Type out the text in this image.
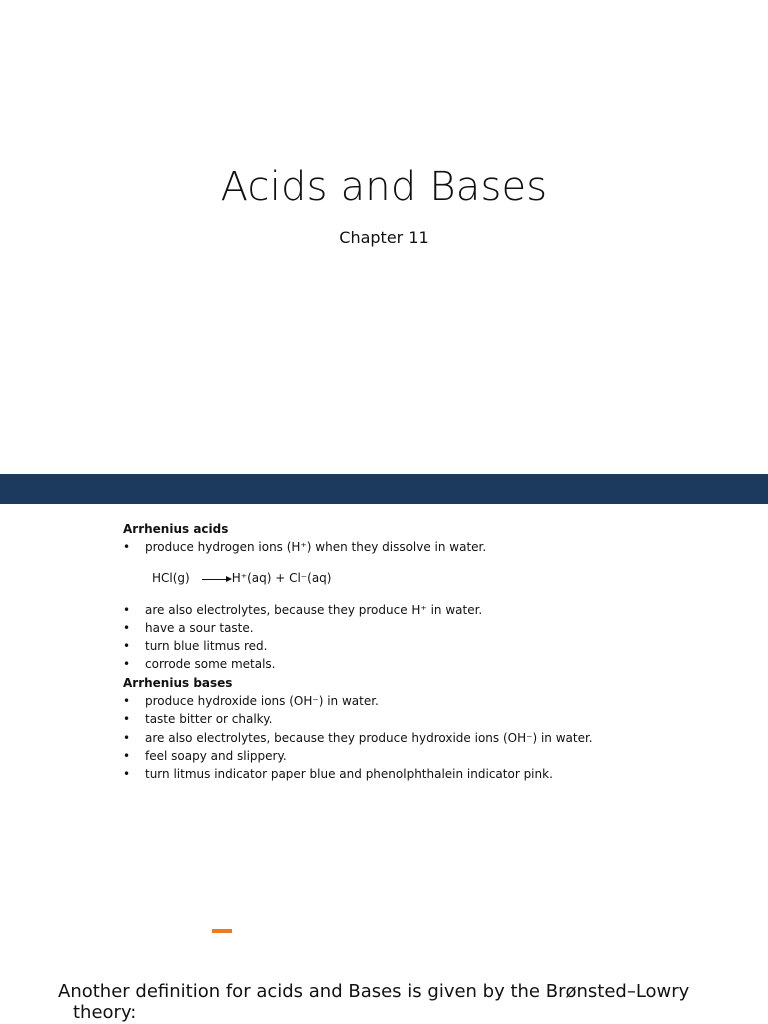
Acids and Bases
Chapter 11
Arrhenius acids
• produce hydrogen ions (H⁺) when they dissolve in water.
HCl(g)	H⁺(aq) + Cl⁻(aq)
• are also electrolytes, because they produce H⁺ in water.
• have a sour taste.
• turn blue litmus red.
• corrode some metals.
Arrhenius bases
• produce hydroxide ions (OH⁻) in water.
• taste bitter or chalky.
• are also electrolytes, because they produce hydroxide ions (OH⁻) in water.
• feel soapy and slippery.
• turn litmus indicator paper blue and phenolphthalein indicator pink.
Another definition for acids and Bases is given by the Brønsted–Lowry
theory:
